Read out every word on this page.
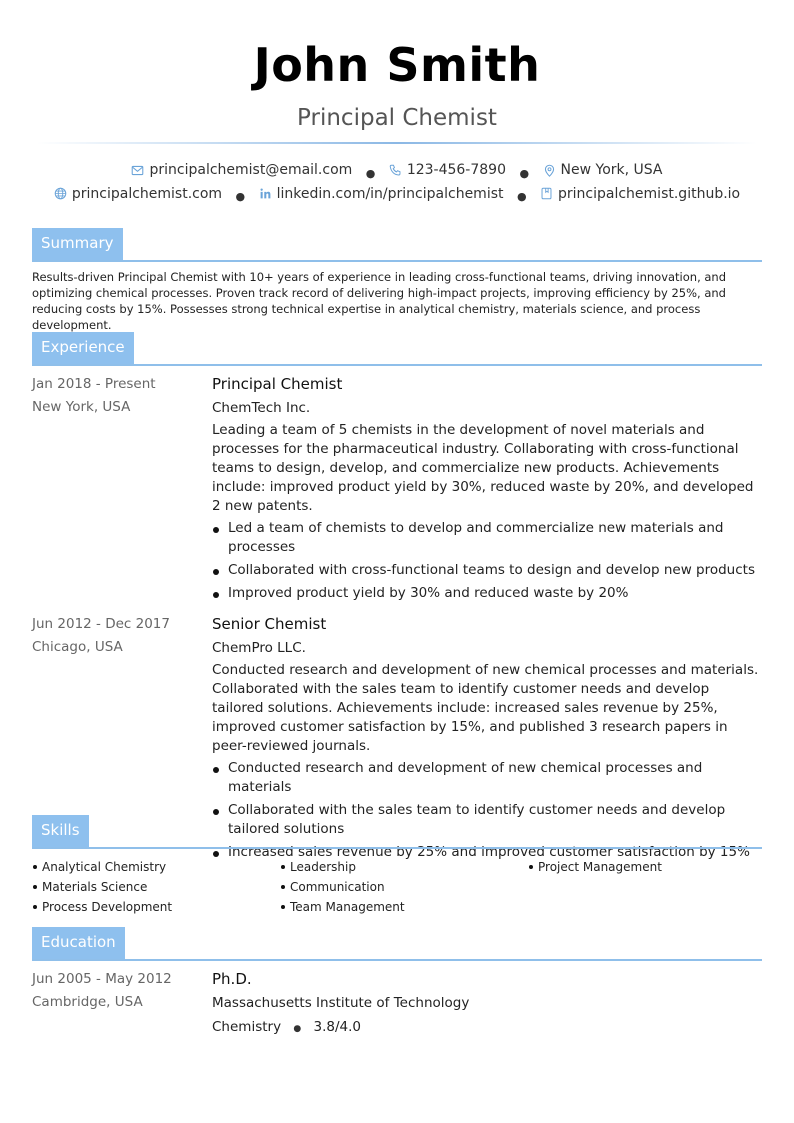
John Smith
Principal Chemist
principalchemist@email.com ● 123-456-7890 ● New York, USA
principalchemist.com ● linkedin.com/in/principalchemist ● principalchemist.github.io
Summary
Results-driven Principal Chemist with 10+ years of experience in leading cross-functional teams, driving innovation, and optimizing chemical processes. Proven track record of delivering high-impact projects, improving efficiency by 25%, and reducing costs by 15%. Possesses strong technical expertise in analytical chemistry, materials science, and process development.
Experience
Jan 2018 - Present
New York, USA
Principal Chemist
ChemTech Inc.
Leading a team of 5 chemists in the development of novel materials and processes for the pharmaceutical industry. Collaborating with cross-functional teams to design, develop, and commercialize new products. Achievements include: improved product yield by 30%, reduced waste by 20%, and developed 2 new patents.
Led a team of chemists to develop and commercialize new materials and processes
Collaborated with cross-functional teams to design and develop new products
Improved product yield by 30% and reduced waste by 20%
Jun 2012 - Dec 2017
Chicago, USA
Senior Chemist
ChemPro LLC.
Conducted research and development of new chemical processes and materials. Collaborated with the sales team to identify customer needs and develop tailored solutions. Achievements include: increased sales revenue by 25%, improved customer satisfaction by 15%, and published 3 research papers in peer-reviewed journals.
Conducted research and development of new chemical processes and materials
Collaborated with the sales team to identify customer needs and develop tailored solutions
Increased sales revenue by 25% and improved customer satisfaction by 15%
Skills
Analytical Chemistry	Leadership	Project Management
Materials Science	Communication
Process Development	Team Management
Education
Jun 2005 - May 2012
Cambridge, USA
Ph.D.
Massachusetts Institute of Technology
Chemistry ● 3.8/4.0
